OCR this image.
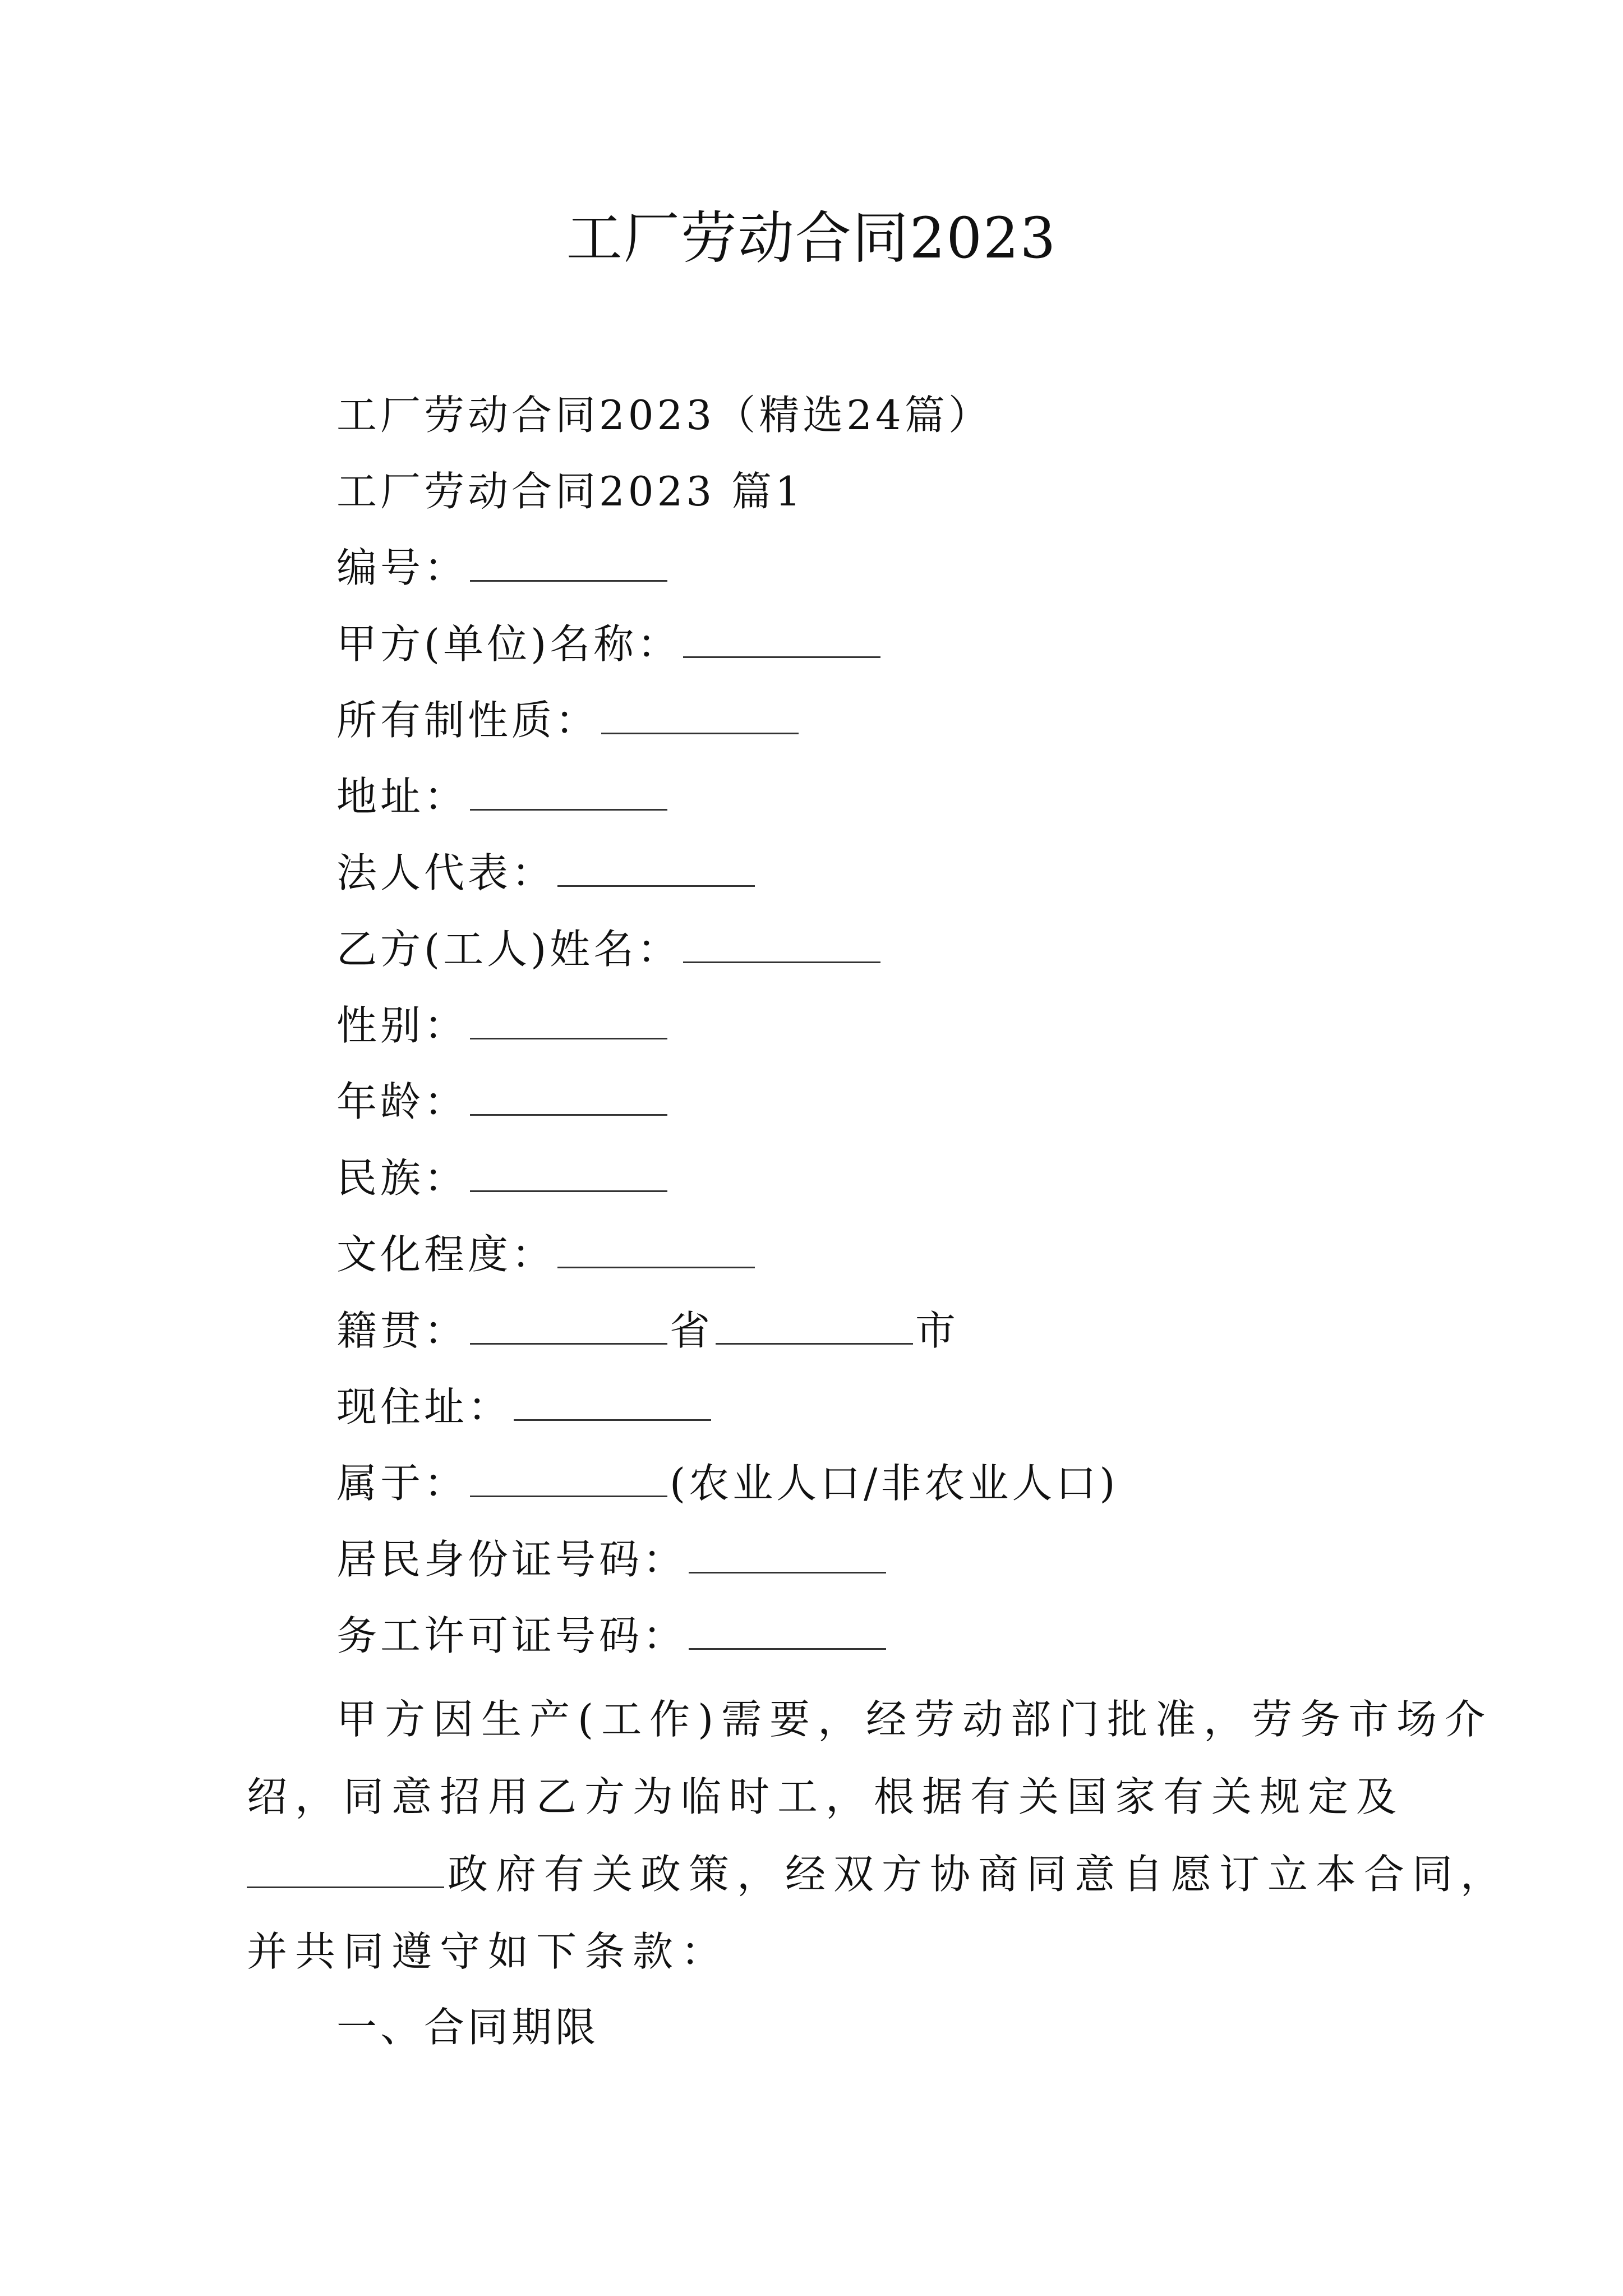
工厂劳动合同2023
工厂劳动合同2023（精选24篇）
工厂劳动合同2023 篇1
编号：
甲方(单位)名称：
所有制性质：
地址：
法人代表：
乙方(工人)姓名：
性别：
年龄：
民族：
文化程度：
籍贯：	省	市
现住址：
属于：	(农业人口/非农业人口)
居民身份证号码：
务工许可证号码：
甲方因生产(工作)需要，经劳动部门批准，劳务市场介
绍，同意招用乙方为临时工，根据有关国家有关规定及
政府有关政策，经双方协商同意自愿订立本合同，
并共同遵守如下条款：
一、合同期限
